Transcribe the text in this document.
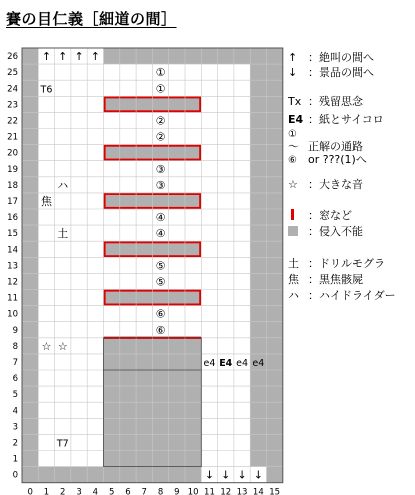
賽の目仁義［細道の間］
0 1 2 3 4 5 6 7 8 9 10 11 12 13 14 15
0
1
2
3
4
5
6
7
8
9
10
11
12
13
14
15
16
17
18
19
20
21
22
23
24
25
26 ↑ ↑ ↑ ↑
①
T6	①
②
②
③
ハ	③
焦
④
土	④
⑤
⑤
⑥
⑥
☆ ☆
e4 E4 e4 e4
T7
↓ ↓ ↓ ↓
↑ ：絶叫の間へ
↓ ：景品の間へ
Tx ：残留思念
E4 ：紙とサイコロ
①
～ 正解の通路
⑥ or ???(1)へ
☆ ：大きな音
：窓など
：侵入不能
土 ：ドリルモグラ
焦 ：黒焦骸屍
ハ ：ハイドライダー
